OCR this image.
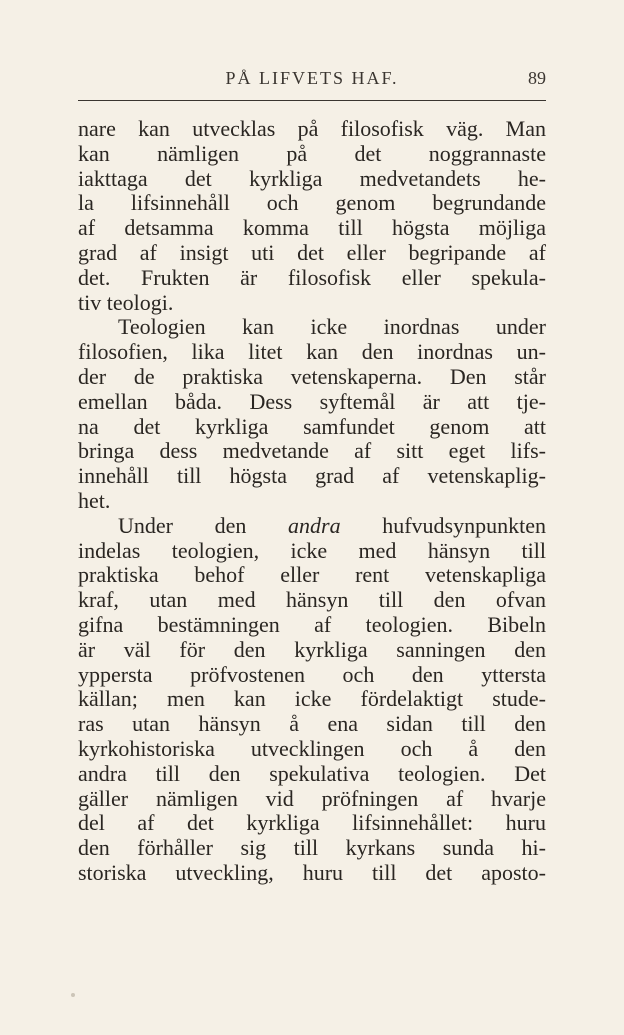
PÅ LIFVETS HAF.	89
nare kan utvecklas på filosofisk väg. Man
kan nämligen på det noggrannaste
iakttaga det kyrkliga medvetandets he-
la lifsinnehåll och genom begrundande
af detsamma komma till högsta möjliga
grad af insigt uti det eller begripande af
det. Frukten är filosofisk eller spekula-
tiv teologi.
Teologien kan icke inordnas under
filosofien, lika litet kan den inordnas un-
der de praktiska vetenskaperna. Den står
emellan båda. Dess syftemål är att tje-
na det kyrkliga samfundet genom att
bringa dess medvetande af sitt eget lifs-
innehåll till högsta grad af vetenskaplig-
het.
Under den andra hufvudsynpunkten
indelas teologien, icke med hänsyn till
praktiska behof eller rent vetenskapliga
kraf, utan med hänsyn till den ofvan
gifna bestämningen af teologien. Bibeln
är väl för den kyrkliga sanningen den
yppersta pröfvostenen och den yttersta
källan; men kan icke fördelaktigt stude-
ras utan hänsyn å ena sidan till den
kyrkohistoriska utvecklingen och å den
andra till den spekulativa teologien. Det
gäller nämligen vid pröfningen af hvarje
del af det kyrkliga lifsinnehållet: huru
den förhåller sig till kyrkans sunda hi-
storiska utveckling, huru till det aposto-
